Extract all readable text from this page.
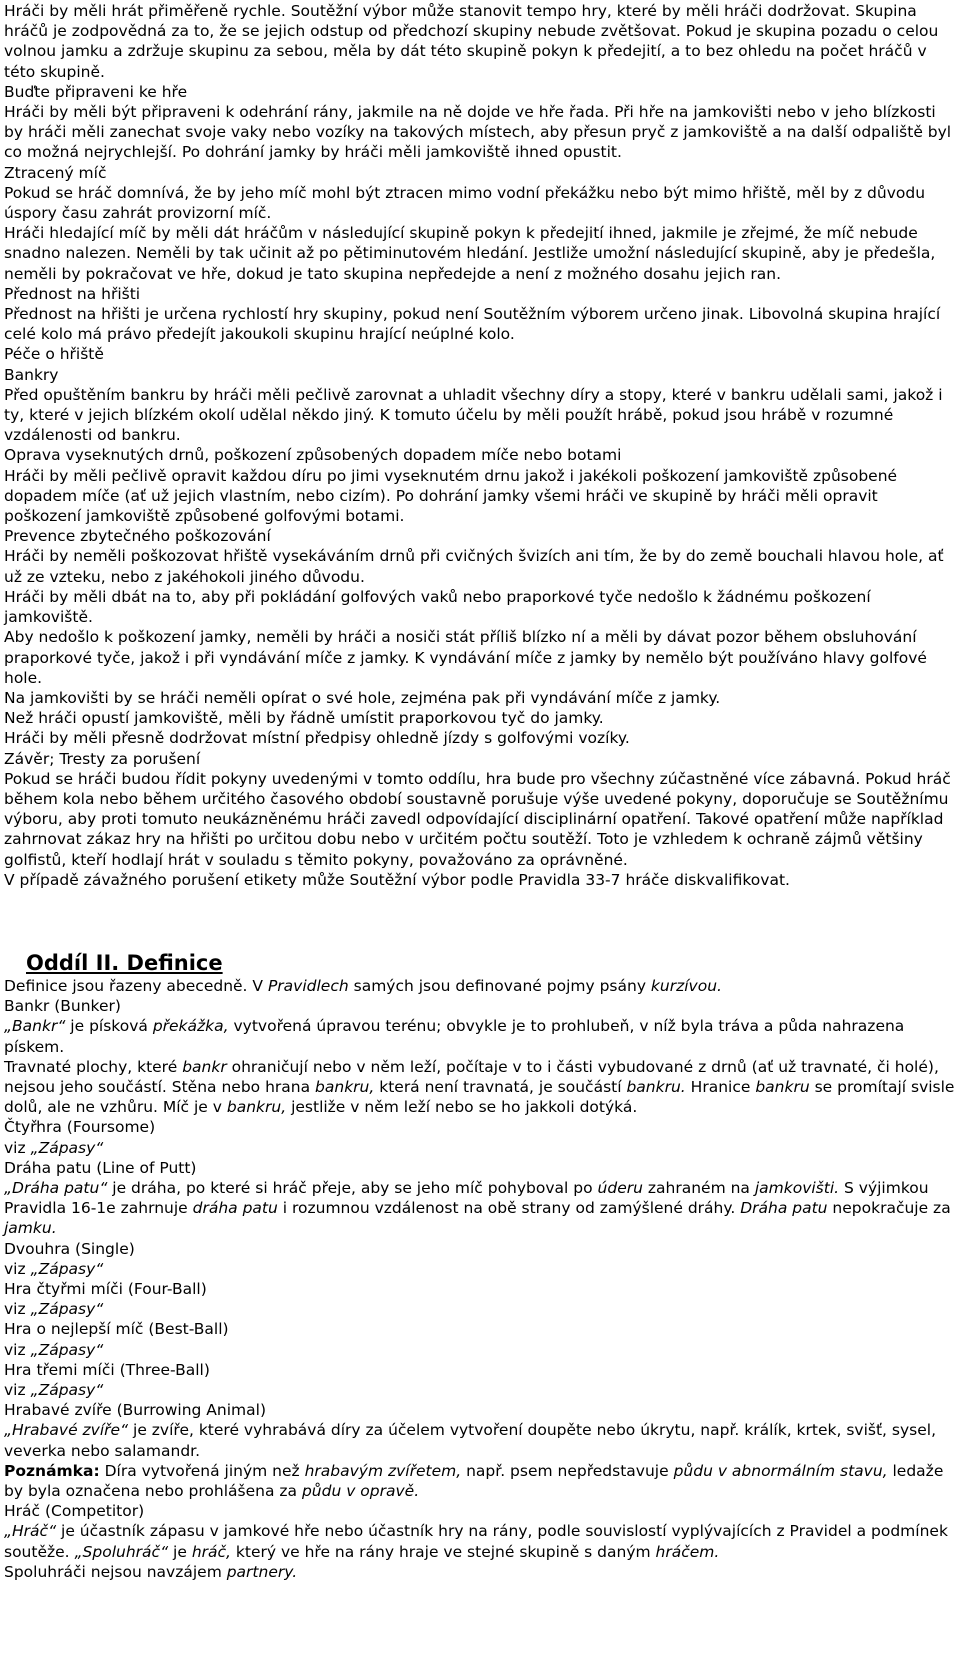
Hráči by měli hrát přiměřeně rychle. Soutěžní výbor může stanovit tempo hry, které by měli hráči dodržovat. Skupina hráčů je zodpovědná za to, že se jejich odstup od předchozí skupiny nebude zvětšovat. Pokud je skupina pozadu o celou volnou jamku a zdržuje skupinu za sebou, měla by dát této skupině pokyn k předejití, a to bez ohledu na počet hráčů v této skupině.

Buďte připraveni ke hře

Hráči by měli být připraveni k odehrání rány, jakmile na ně dojde ve hře řada. Při hře na jamkovišti nebo v jeho blízkosti by hráči měli zanechat svoje vaky nebo vozíky na takových místech, aby přesun pryč z jamkoviště a na další odpaliště byl co možná nejrychlejší. Po dohrání jamky by hráči měli jamkoviště ihned opustit.

Ztracený míč

Pokud se hráč domnívá, že by jeho míč mohl být ztracen mimo vodní překážku nebo být mimo hřiště, měl by z důvodu úspory času zahrát provizorní míč.

Hráči hledající míč by měli dát hráčům v následující skupině pokyn k předejití ihned, jakmile je zřejmé, že míč nebude snadno nalezen. Neměli by tak učinit až po pětiminutovém hledání. Jestliže umožní následující skupině, aby je předešla, neměli by pokračovat ve hře, dokud je tato skupina nepředejde a není z možného dosahu jejich ran.

Přednost na hřišti

Přednost na hřišti je určena rychlostí hry skupiny, pokud není Soutěžním výborem určeno jinak. Libovolná skupina hrající celé kolo má právo předejít jakoukoli skupinu hrající neúplné kolo.

Péče o hřiště

Bankry

Před opuštěním bankru by hráči měli pečlivě zarovnat a uhladit všechny díry a stopy, které v bankru udělali sami, jakož i ty, které v jejich blízkém okolí udělal někdo jiný. K tomuto účelu by měli použít hrábě, pokud jsou hrábě v rozumné vzdálenosti od bankru.

Oprava vyseknutých drnů, poškození způsobených dopadem míče nebo botami

Hráči by měli pečlivě opravit každou díru po jimi vyseknutém drnu jakož i jakékoli poškození jamkoviště způsobené dopadem míče (ať už jejich vlastním, nebo cizím). Po dohrání jamky všemi hráči ve skupině by hráči měli opravit poškození jamkoviště způsobené golfovými botami.

Prevence zbytečného poškozování

Hráči by neměli poškozovat hřiště vysekáváním drnů při cvičných švizích ani tím, že by do země bouchali hlavou hole, ať už ze vzteku, nebo z jakéhokoli jiného důvodu.

Hráči by měli dbát na to, aby při pokládání golfových vaků nebo praporkové tyče nedošlo k žádnému poškození jamkoviště.

Aby nedošlo k poškození jamky, neměli by hráči a nosiči stát příliš blízko ní a měli by dávat pozor během obsluhování praporkové tyče, jakož i při vyndávání míče z jamky. K vyndávání míče z jamky by nemělo být používáno hlavy golfové hole.

Na jamkovišti by se hráči neměli opírat o své hole, zejména pak při vyndávání míče z jamky.

Než hráči opustí jamkoviště, měli by řádně umístit praporkovou tyč do jamky.

Hráči by měli přesně dodržovat místní předpisy ohledně jízdy s golfovými vozíky.

Závěr; Tresty za porušení

Pokud se hráči budou řídit pokyny uvedenými v tomto oddílu, hra bude pro všechny zúčastněné více zábavná. Pokud hráč během kola nebo během určitého časového období soustavně porušuje výše uvedené pokyny, doporučuje se Soutěžnímu výboru, aby proti tomuto neukázněnému hráči zavedl odpovídající disciplinární opatření. Takové opatření může například zahrnovat zákaz hry na hřišti po určitou dobu nebo v určitém počtu soutěží. Toto je vzhledem k ochraně zájmů většiny golfistů, kteří hodlají hrát v souladu s těmito pokyny, považováno za oprávněné.

V případě závažného porušení etikety může Soutěžní výbor podle Pravidla 33-7 hráče diskvalifikovat.

Oddíl II. Definice

Definice jsou řazeny abecedně. V Pravidlech samých jsou definované pojmy psány kurzívou.

Bankr (Bunker)

„Bankr“ je písková překážka, vytvořená úpravou terénu; obvykle je to prohlubeň, v níž byla tráva a půda nahrazena pískem.

Travnaté plochy, které bankr ohraničují nebo v něm leží, počítaje v to i části vybudované z drnů (ať už travnaté, či holé), nejsou jeho součástí. Stěna nebo hrana bankru, která není travnatá, je součástí bankru. Hranice bankru se promítají svisle dolů, ale ne vzhůru. Míč je v bankru, jestliže v něm leží nebo se ho jakkoli dotýká.

Čtyřhra (Foursome)

viz „Zápasy“

Dráha patu (Line of Putt)

„Dráha patu“ je dráha, po které si hráč přeje, aby se jeho míč pohyboval po úderu zahraném na jamkovišti. S výjimkou Pravidla 16-1e zahrnuje dráha patu i rozumnou vzdálenost na obě strany od zamýšlené dráhy. Dráha patu nepokračuje za jamku.

Dvouhra (Single)

viz „Zápasy“

Hra čtyřmi míči (Four-Ball)

viz „Zápasy“

Hra o nejlepší míč (Best-Ball)

viz „Zápasy“

Hra třemi míči (Three-Ball)

viz „Zápasy“

Hrabavé zvíře (Burrowing Animal)

„Hrabavé zvíře“ je zvíře, které vyhrabává díry za účelem vytvoření doupěte nebo úkrytu, např. králík, krtek, svišť, sysel, veverka nebo salamandr.

Poznámka: Díra vytvořená jiným než hrabavým zvířetem, např. psem nepředstavuje půdu v abnormálním stavu, ledaže by byla označena nebo prohlášena za půdu v opravě.

Hráč (Competitor)

„Hráč“ je účastník zápasu v jamkové hře nebo účastník hry na rány, podle souvislostí vyplývajících z Pravidel a podmínek soutěže. „Spoluhráč“ je hráč, který ve hře na rány hraje ve stejné skupině s daným hráčem.

Spoluhráči nejsou navzájem partnery.
